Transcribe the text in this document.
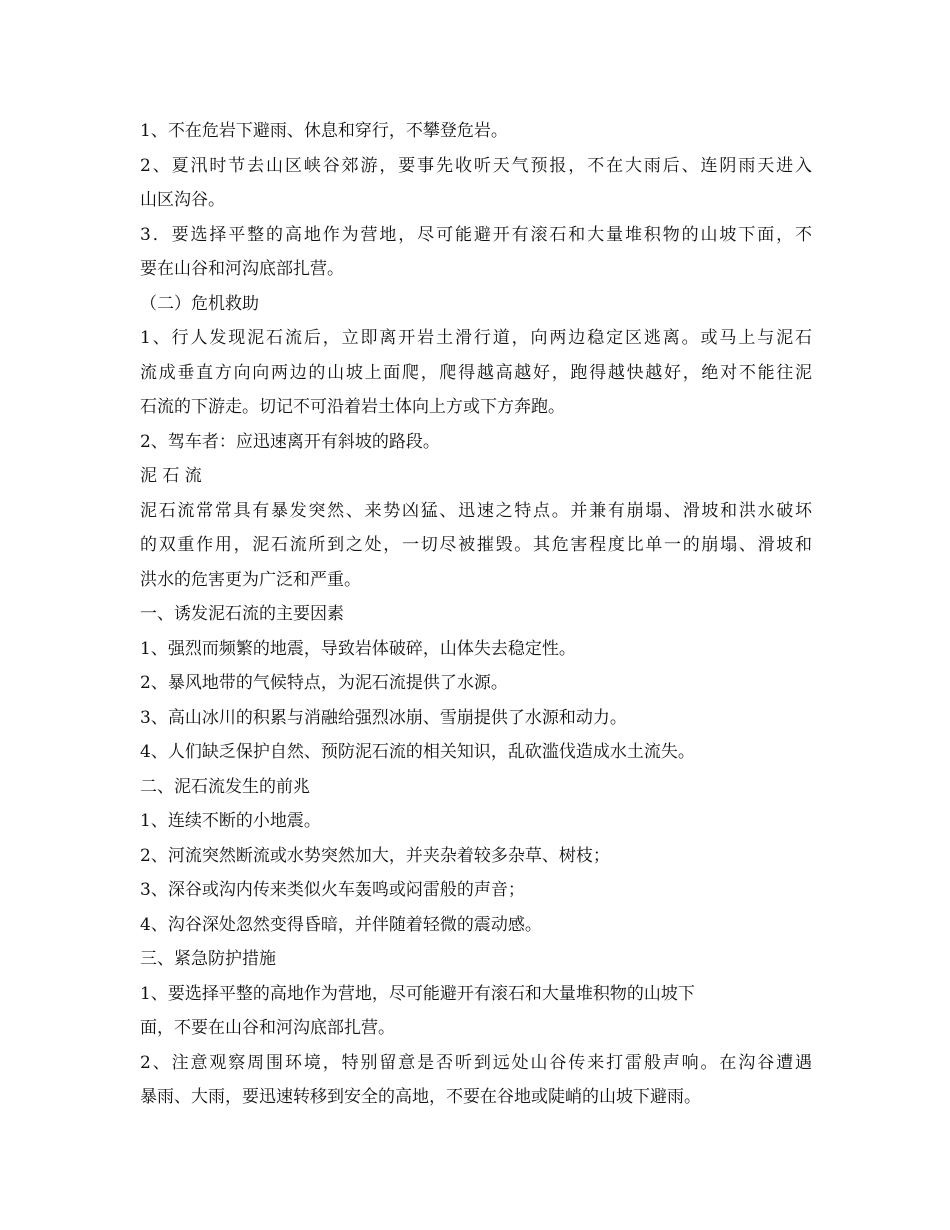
1、不在危岩下避雨、休息和穿行，不攀登危岩。
2、夏汛时节去山区峡谷郊游，要事先收听天气预报，不在大雨后、连阴雨天进入
山区沟谷。
3．要选择平整的高地作为营地，尽可能避开有滚石和大量堆积物的山坡下面，不
要在山谷和河沟底部扎营。
（二）危机救助
1、行人发现泥石流后，立即离开岩土滑行道，向两边稳定区逃离。或马上与泥石
流成垂直方向向两边的山坡上面爬，爬得越高越好，跑得越快越好，绝对不能往泥
石流的下游走。切记不可沿着岩土体向上方或下方奔跑。
2、驾车者：应迅速离开有斜坡的路段。
泥 石 流
泥石流常常具有暴发突然、来势凶猛、迅速之特点。并兼有崩塌、滑坡和洪水破坏
的双重作用，泥石流所到之处，一切尽被摧毁。其危害程度比单一的崩塌、滑坡和
洪水的危害更为广泛和严重。
一、诱发泥石流的主要因素
1、强烈而频繁的地震，导致岩体破碎，山体失去稳定性。
2、暴风地带的气候特点，为泥石流提供了水源。
3、高山冰川的积累与消融给强烈冰崩、雪崩提供了水源和动力。
4、人们缺乏保护自然、预防泥石流的相关知识，乱砍滥伐造成水土流失。
二、泥石流发生的前兆
1、连续不断的小地震。
2、河流突然断流或水势突然加大，并夹杂着较多杂草、树枝；
3、深谷或沟内传来类似火车轰鸣或闷雷般的声音；
4、沟谷深处忽然变得昏暗，并伴随着轻微的震动感。
三、紧急防护措施
1、要选择平整的高地作为营地，尽可能避开有滚石和大量堆积物的山坡下
面，不要在山谷和河沟底部扎营。
2、注意观察周围环境，特别留意是否听到远处山谷传来打雷般声响。在沟谷遭遇
暴雨、大雨，要迅速转移到安全的高地，不要在谷地或陡峭的山坡下避雨。
